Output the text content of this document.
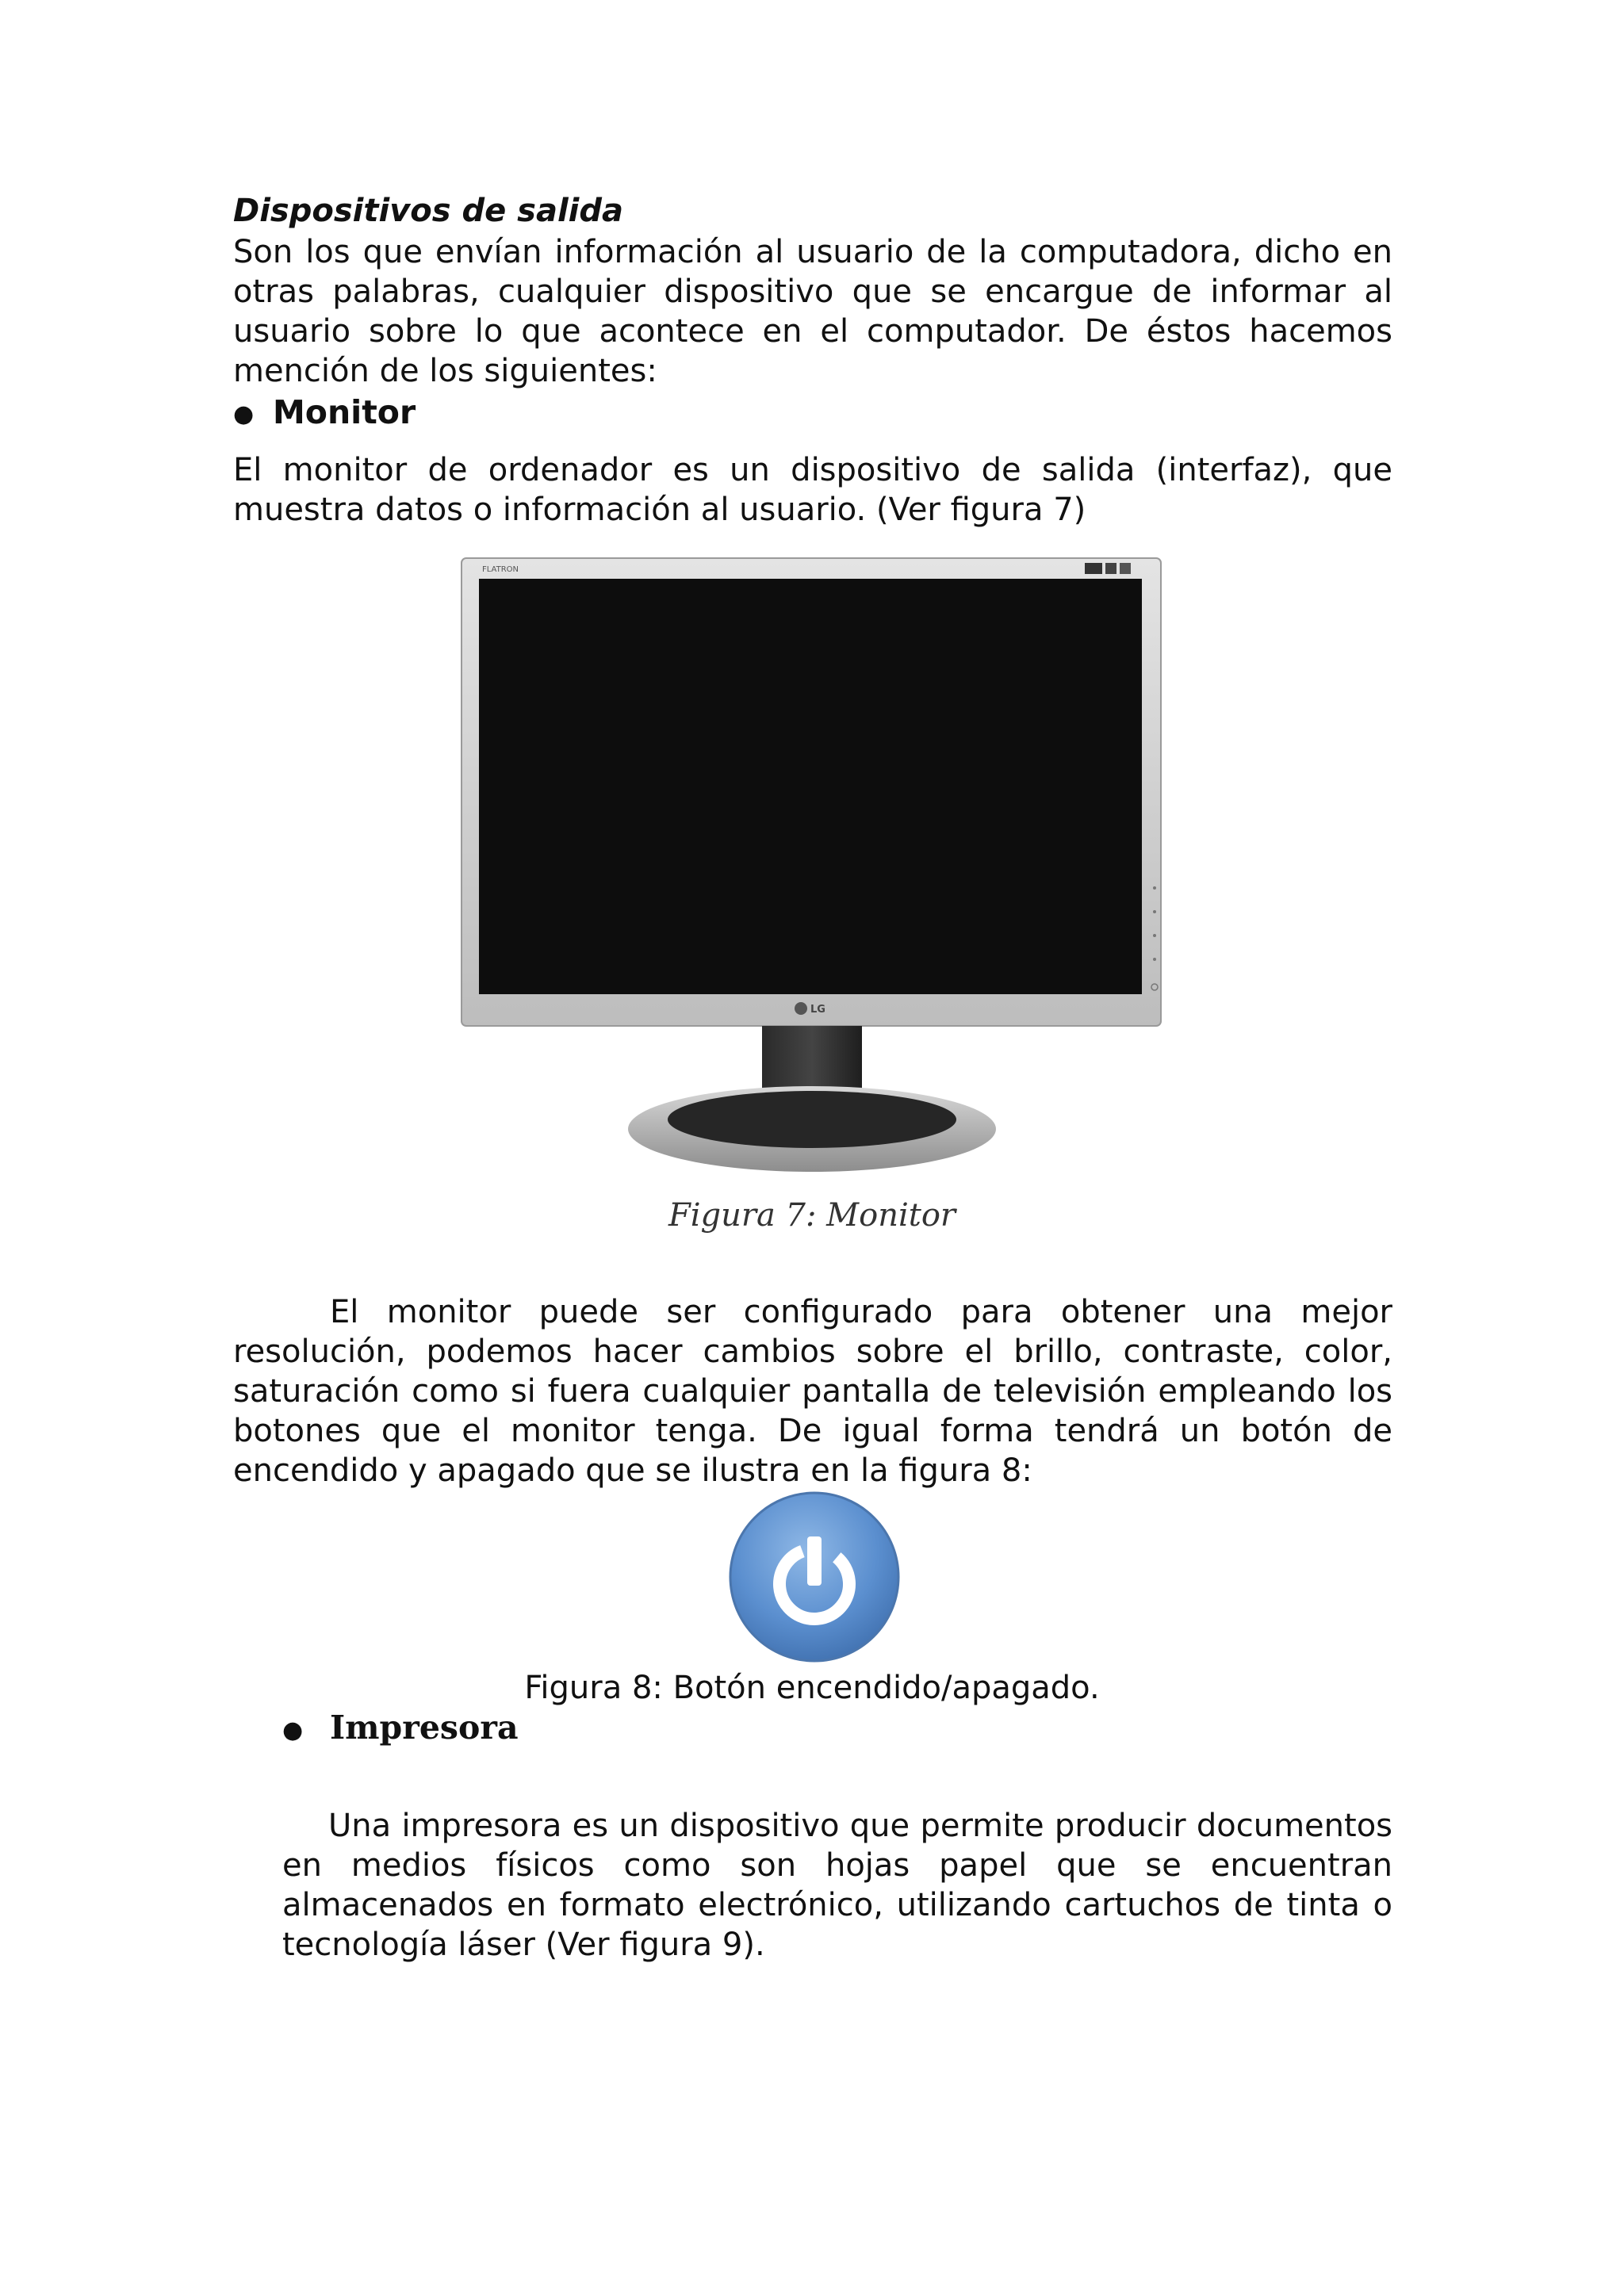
Dispositivos de salida
Son los que envían información al usuario de la computadora, dicho en otras palabras, cualquier dispositivo que se encargue de informar al usuario sobre lo que acontece en el computador. De éstos hacemos mención de los siguientes:
● Monitor
El monitor de ordenador es un dispositivo de salida (interfaz), que muestra datos o información al usuario. (Ver figura 7)
FLATRON
LG
Figura 7: Monitor
El monitor puede ser configurado para obtener una mejor resolución, podemos hacer cambios sobre el brillo, contraste, color, saturación como si fuera cualquier pantalla de televisión empleando los botones que el monitor tenga. De igual forma tendrá un botón de encendido y apagado que se ilustra en la figura 8:
Figura 8: Botón encendido/apagado.
● Impresora
Una impresora es un dispositivo que permite producir documentos en medios físicos como son hojas papel que se encuentran almacenados en formato electrónico, utilizando cartuchos de tinta o tecnología láser (Ver figura 9).
